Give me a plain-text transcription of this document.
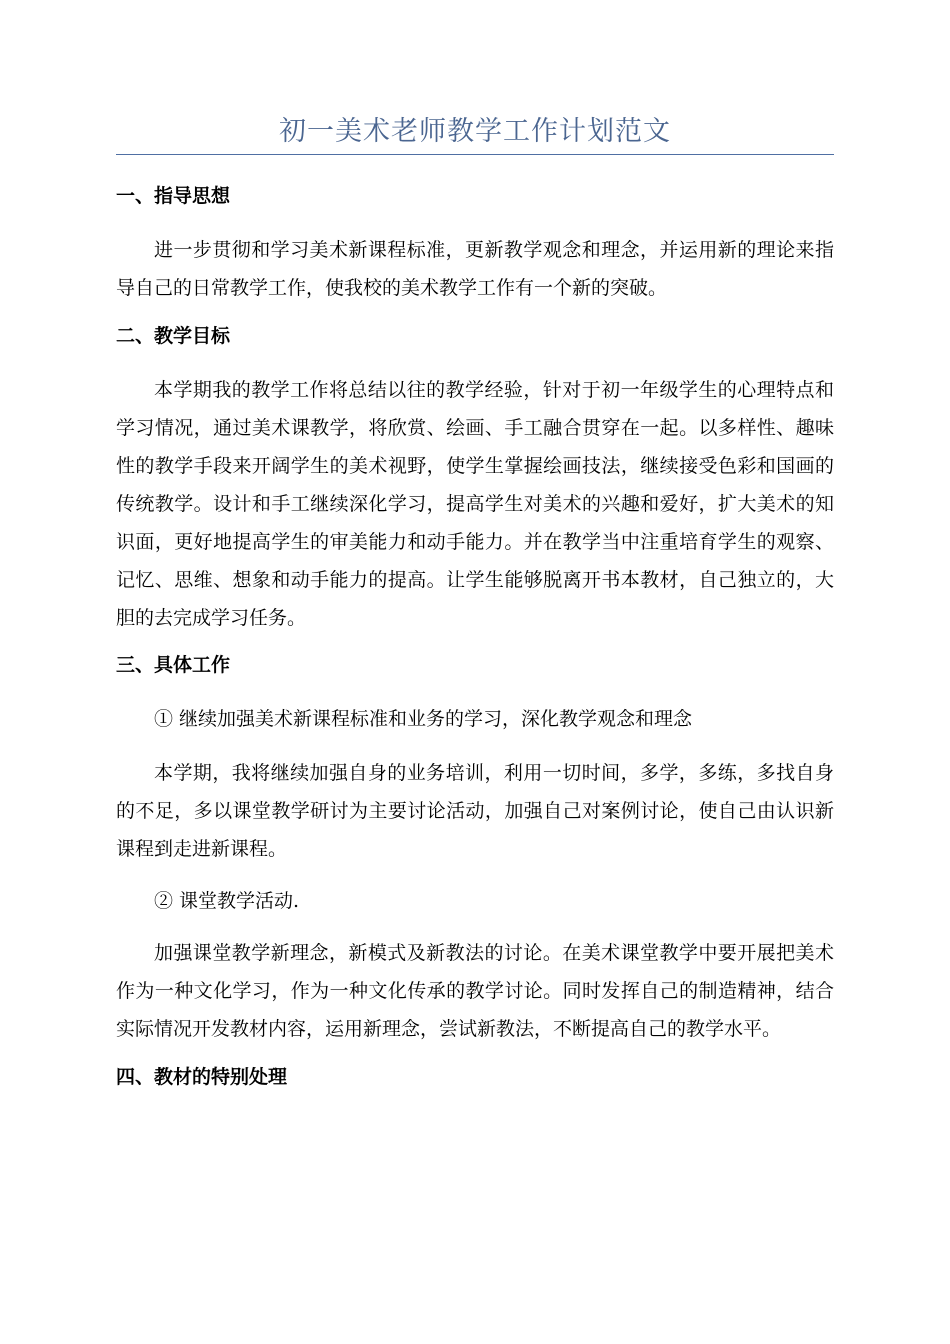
初一美术老师教学工作计划范文
一、指导思想

进一步贯彻和学习美术新课程标准，更新教学观念和理念，并运用新的理论来指导自己的日常教学工作，使我校的美术教学工作有一个新的突破。

二、教学目标

本学期我的教学工作将总结以往的教学经验，针对于初一年级学生的心理特点和学习情况，通过美术课教学，将欣赏、绘画、手工融合贯穿在一起。以多样性、趣味性的教学手段来开阔学生的美术视野，使学生掌握绘画技法，继续接受色彩和国画的传统教学。设计和手工继续深化学习，提高学生对美术的兴趣和爱好，扩大美术的知识面，更好地提高学生的审美能力和动手能力。并在教学当中注重培育学生的观察、记忆、思维、想象和动手能力的提高。让学生能够脱离开书本教材，自己独立的，大胆的去完成学习任务。

三、具体工作

① 继续加强美术新课程标准和业务的学习，深化教学观念和理念

本学期，我将继续加强自身的业务培训，利用一切时间，多学，多练，多找自身的不足，多以课堂教学研讨为主要讨论活动，加强自己对案例讨论，使自己由认识新课程到走进新课程。

② 课堂教学活动.

加强课堂教学新理念，新模式及新教法的讨论。在美术课堂教学中要开展把美术作为一种文化学习，作为一种文化传承的教学讨论。同时发挥自己的制造精神，结合实际情况开发教材内容，运用新理念，尝试新教法，不断提高自己的教学水平。

四、教材的特别处理
